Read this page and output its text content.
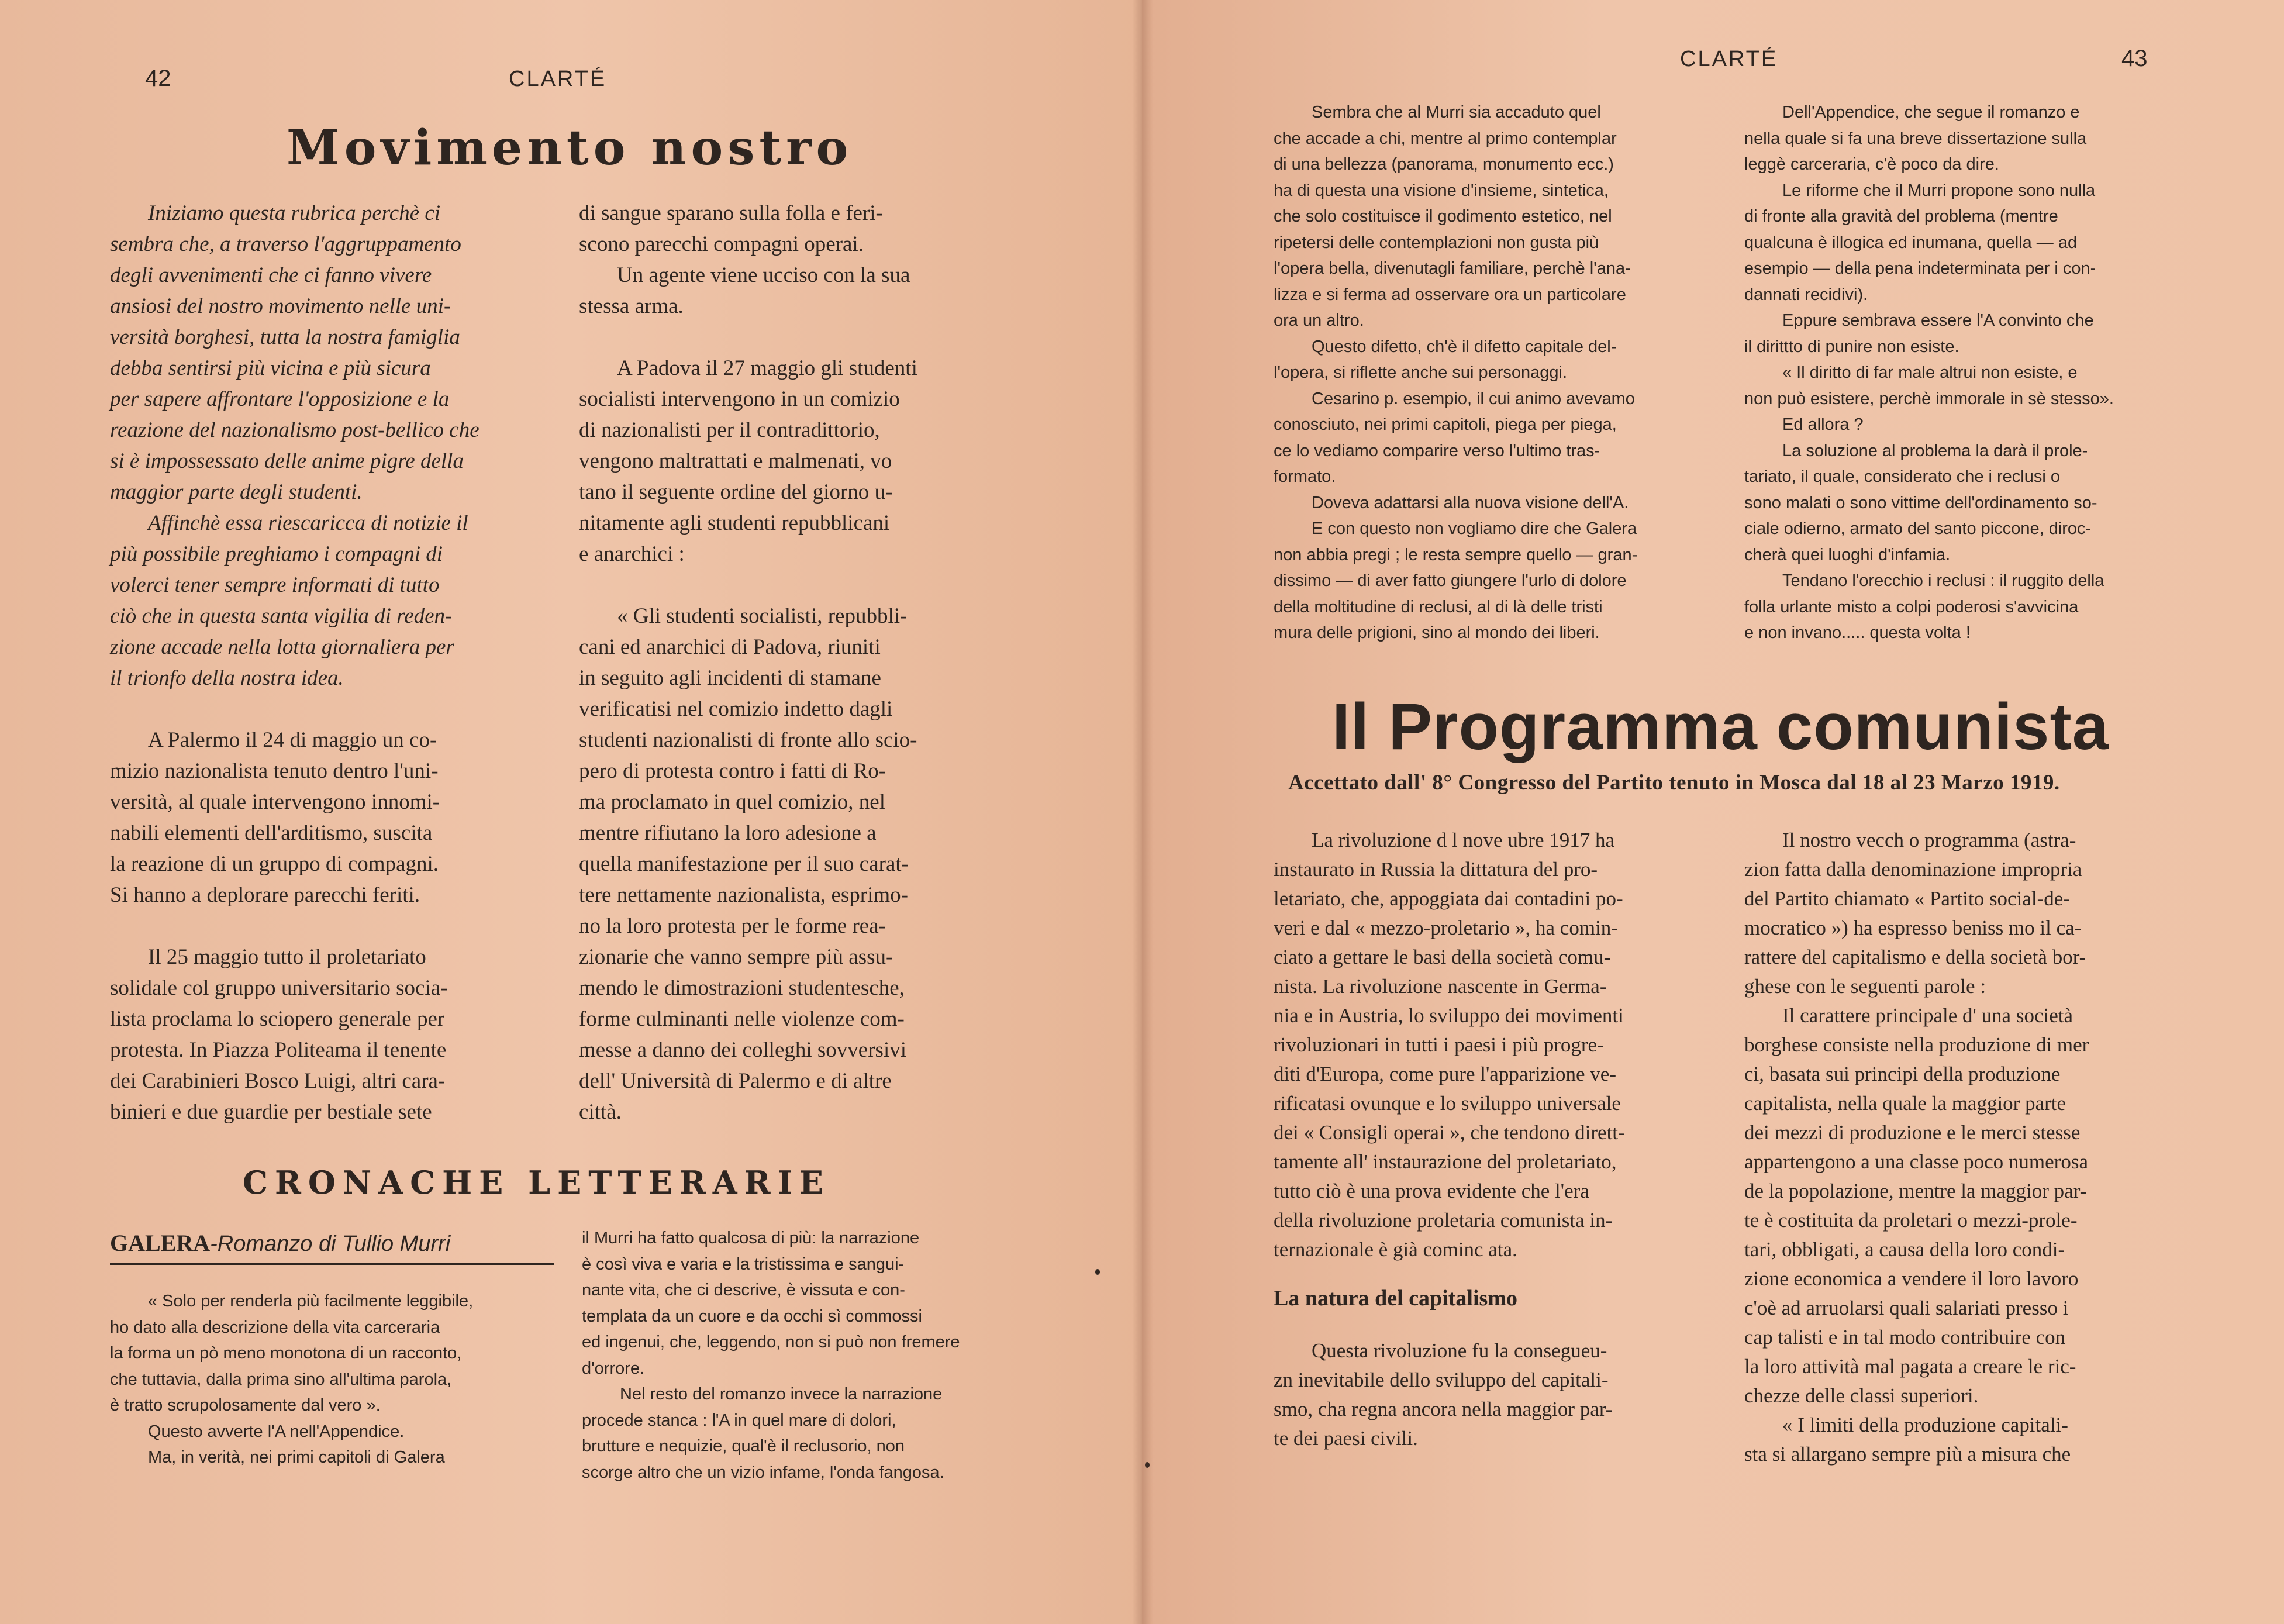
42	CLARTÉ
Movimento nostro

Iniziamo questa rubrica perchè ci

sembra che, a traverso l'aggruppamento

degli avvenimenti che ci fanno vivere

ansiosi del nostro movimento nelle uni-

versità borghesi, tutta la nostra famiglia

debba sentirsi più vicina e più sicura

per sapere affrontare l'opposizione e la

reazione del nazionalismo post-bellico che

si è impossessato delle anime pigre della

maggior parte degli studenti.

Affinchè essa riescaricca di notizie il

più possibile preghiamo i compagni di

volerci tener sempre informati di tutto

ciò che in questa santa vigilia di reden-

zione accade nella lotta giornaliera per

il trionfo della nostra idea.

A Palermo il 24 di maggio un co-

mizio nazionalista tenuto dentro l'uni-

versità, al quale intervengono innomi-

nabili elementi dell'arditismo, suscita

la reazione di un gruppo di compagni.

Si hanno a deplorare parecchi feriti.

Il 25 maggio tutto il proletariato

solidale col gruppo universitario socia-

lista proclama lo sciopero generale per

protesta. In Piazza Politeama il tenente

dei Carabinieri Bosco Luigi, altri cara-

binieri e due guardie per bestiale sete

di sangue sparano sulla folla e feri-

scono parecchi compagni operai.

Un agente viene ucciso con la sua

stessa arma.

A Padova il 27 maggio gli studenti

socialisti intervengono in un comizio

di nazionalisti per il contradittorio,

vengono maltrattati e malmenati, vo

tano il seguente ordine del giorno u-

nitamente agli studenti repubblicani

e anarchici :

« Gli studenti socialisti, repubbli-

cani ed anarchici di Padova, riuniti

in seguito agli incidenti di stamane

verificatisi nel comizio indetto dagli

studenti nazionalisti di fronte allo scio-

pero di protesta contro i fatti di Ro-

ma proclamato in quel comizio, nel

mentre rifiutano la loro adesione a

quella manifestazione per il suo carat-

tere nettamente nazionalista, esprimo-

no la loro protesta per le forme rea-

zionarie che vanno sempre più assu-

mendo le dimostrazioni studentesche,

forme culminanti nelle violenze com-

messe a danno dei colleghi sovversivi

dell' Università di Palermo e di altre

città.

CRONACHE LETTERARIE
GALERA-Romanzo di Tullio Murri

« Solo per renderla più facilmente leggibile,

ho dato alla descrizione della vita carceraria

la forma un pò meno monotona di un racconto,

che tuttavia, dalla prima sino all'ultima parola,

è tratto scrupolosamente dal vero ».

Questo avverte l'A nell'Appendice.

Ma, in verità, nei primi capitoli di Galera

il Murri ha fatto qualcosa di più: la narrazione

è così viva e varia e la tristissima e sangui-

nante vita, che ci descrive, è vissuta e con-

templata da un cuore e da occhi sì commossi

ed ingenui, che, leggendo, non si può non fremere

d'orrore.

Nel resto del romanzo invece la narrazione

procede stanca : l'A in quel mare di dolori,

brutture e nequizie, qual'è il reclusorio, non

scorge altro che un vizio infame, l'onda fangosa.

CLARTÉ	43

Sembra che al Murri sia accaduto quel

che accade a chi, mentre al primo contemplar

di una bellezza (panorama, monumento ecc.)

ha di questa una visione d'insieme, sintetica,

che solo costituisce il godimento estetico, nel

ripetersi delle contemplazioni non gusta più

l'opera bella, divenutagli familiare, perchè l'ana-

lizza e si ferma ad osservare ora un particolare

ora un altro.

Questo difetto, ch'è il difetto capitale del-

l'opera, si riflette anche sui personaggi.

Cesarino p. esempio, il cui animo avevamo

conosciuto, nei primi capitoli, piega per piega,

ce lo vediamo comparire verso l'ultimo tras-

formato.

Doveva adattarsi alla nuova visione dell'A.

E con questo non vogliamo dire che Galera

non abbia pregi ; le resta sempre quello — gran-

dissimo — di aver fatto giungere l'urlo di dolore

della moltitudine di reclusi, al di là delle tristi

mura delle prigioni, sino al mondo dei liberi.

Dell'Appendice, che segue il romanzo e

nella quale si fa una breve dissertazione sulla

leggè carceraria, c'è poco da dire.

Le riforme che il Murri propone sono nulla

di fronte alla gravità del problema (mentre

qualcuna è illogica ed inumana, quella — ad

esempio — della pena indeterminata per i con-

dannati recidivi).

Eppure sembrava essere l'A convinto che

il dirittto di punire non esiste.

« Il diritto di far male altrui non esiste, e

non può esistere, perchè immorale in sè stesso».

Ed allora ?

La soluzione al problema la darà il prole-

tariato, il quale, considerato che i reclusi o

sono malati o sono vittime dell'ordinamento so-

ciale odierno, armato del santo piccone, diroc-

cherà quei luoghi d'infamia.

Tendano l'orecchio i reclusi : il ruggito della

folla urlante misto a colpi poderosi s'avvicina

e non invano..... questa volta !

Il Programma comunista
Accettato dall' 8° Congresso del Partito tenuto in Mosca dal 18 al 23 Marzo 1919.

La rivoluzione d l nove ubre 1917 ha

instaurato in Russia la dittatura del pro-

letariato, che, appoggiata dai contadini po-

veri e dal « mezzo-proletario », ha comin-

ciato a gettare le basi della società comu-

nista. La rivoluzione nascente in Germa-

nia e in Austria, lo sviluppo dei movimenti

rivoluzionari in tutti i paesi i più progre-

diti d'Europa, come pure l'apparizione ve-

rificatasi ovunque e lo sviluppo universale

dei « Consigli operai », che tendono dirett-

tamente all' instaurazione del proletariato,

tutto ciò è una prova evidente che l'era

della rivoluzione proletaria comunista in-

ternazionale è già cominc ata.

La natura del capitalismo

Questa rivoluzione fu la consegueu-

zn inevitabile dello sviluppo del capitali-

smo, cha regna ancora nella maggior par-

te dei paesi civili.

Il nostro vecch o programma (astra-

zion fatta dalla denominazione impropria

del Partito chiamato « Partito social-de-

mocratico ») ha espresso beniss mo il ca-

rattere del capitalismo e della società bor-

ghese con le seguenti parole :

Il carattere principale d' una società

borghese consiste nella produzione di mer

ci, basata sui principi della produzione

capitalista, nella quale la maggior parte

dei mezzi di produzione e le merci stesse

appartengono a una classe poco numerosa

de la popolazione, mentre la maggior par-

te è costituita da proletari o mezzi-prole-

tari, obbligati, a causa della loro condi-

zione economica a vendere il loro lavoro

c'oè ad arruolarsi quali salariati presso i

cap talisti e in tal modo contribuire con

la loro attività mal pagata a creare le ric-

chezze delle classi superiori.

« I limiti della produzione capitali-

sta si allargano sempre più a misura che
